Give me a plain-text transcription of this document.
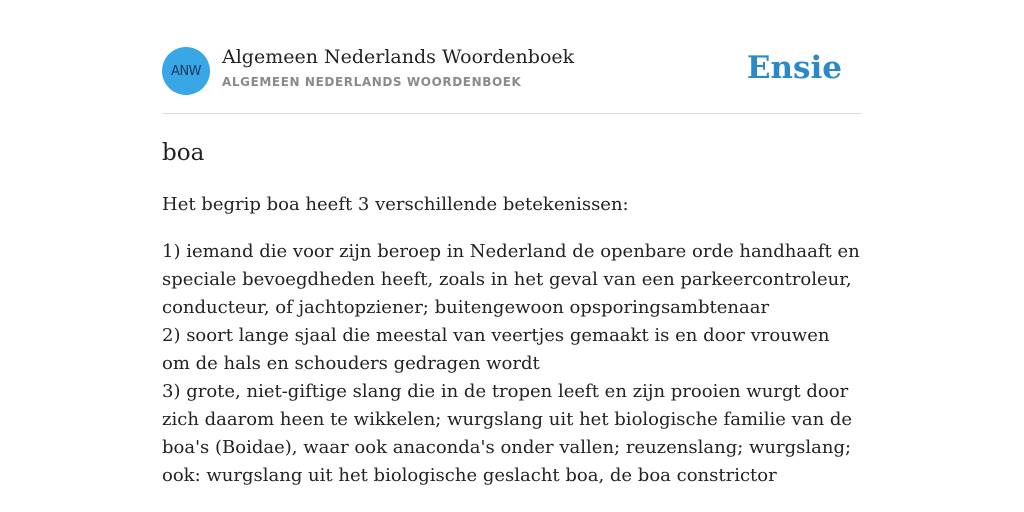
ANW
Algemeen Nederlands Woordenboek
ALGEMEEN NEDERLANDS WOORDENBOEK	Ensie
boa

Het begrip boa heeft 3 verschillende betekenissen:

1) iemand die voor zijn beroep in Nederland de openbare orde handhaaft en speciale bevoegdheden heeft, zoals in het geval van een parkeercontroleur, conducteur, of jachtopziener; buitengewoon opsporingsambtenaar
2) soort lange sjaal die meestal van veertjes gemaakt is en door vrouwen om de hals en schouders gedragen wordt
3) grote, niet-giftige slang die in de tropen leeft en zijn prooien wurgt door zich daarom heen te wikkelen; wurgslang uit het biologische familie van de boa's (Boidae), waar ook anaconda's onder vallen; reuzenslang; wurgslang; ook: wurgslang uit het biologische geslacht boa, de boa constrictor
